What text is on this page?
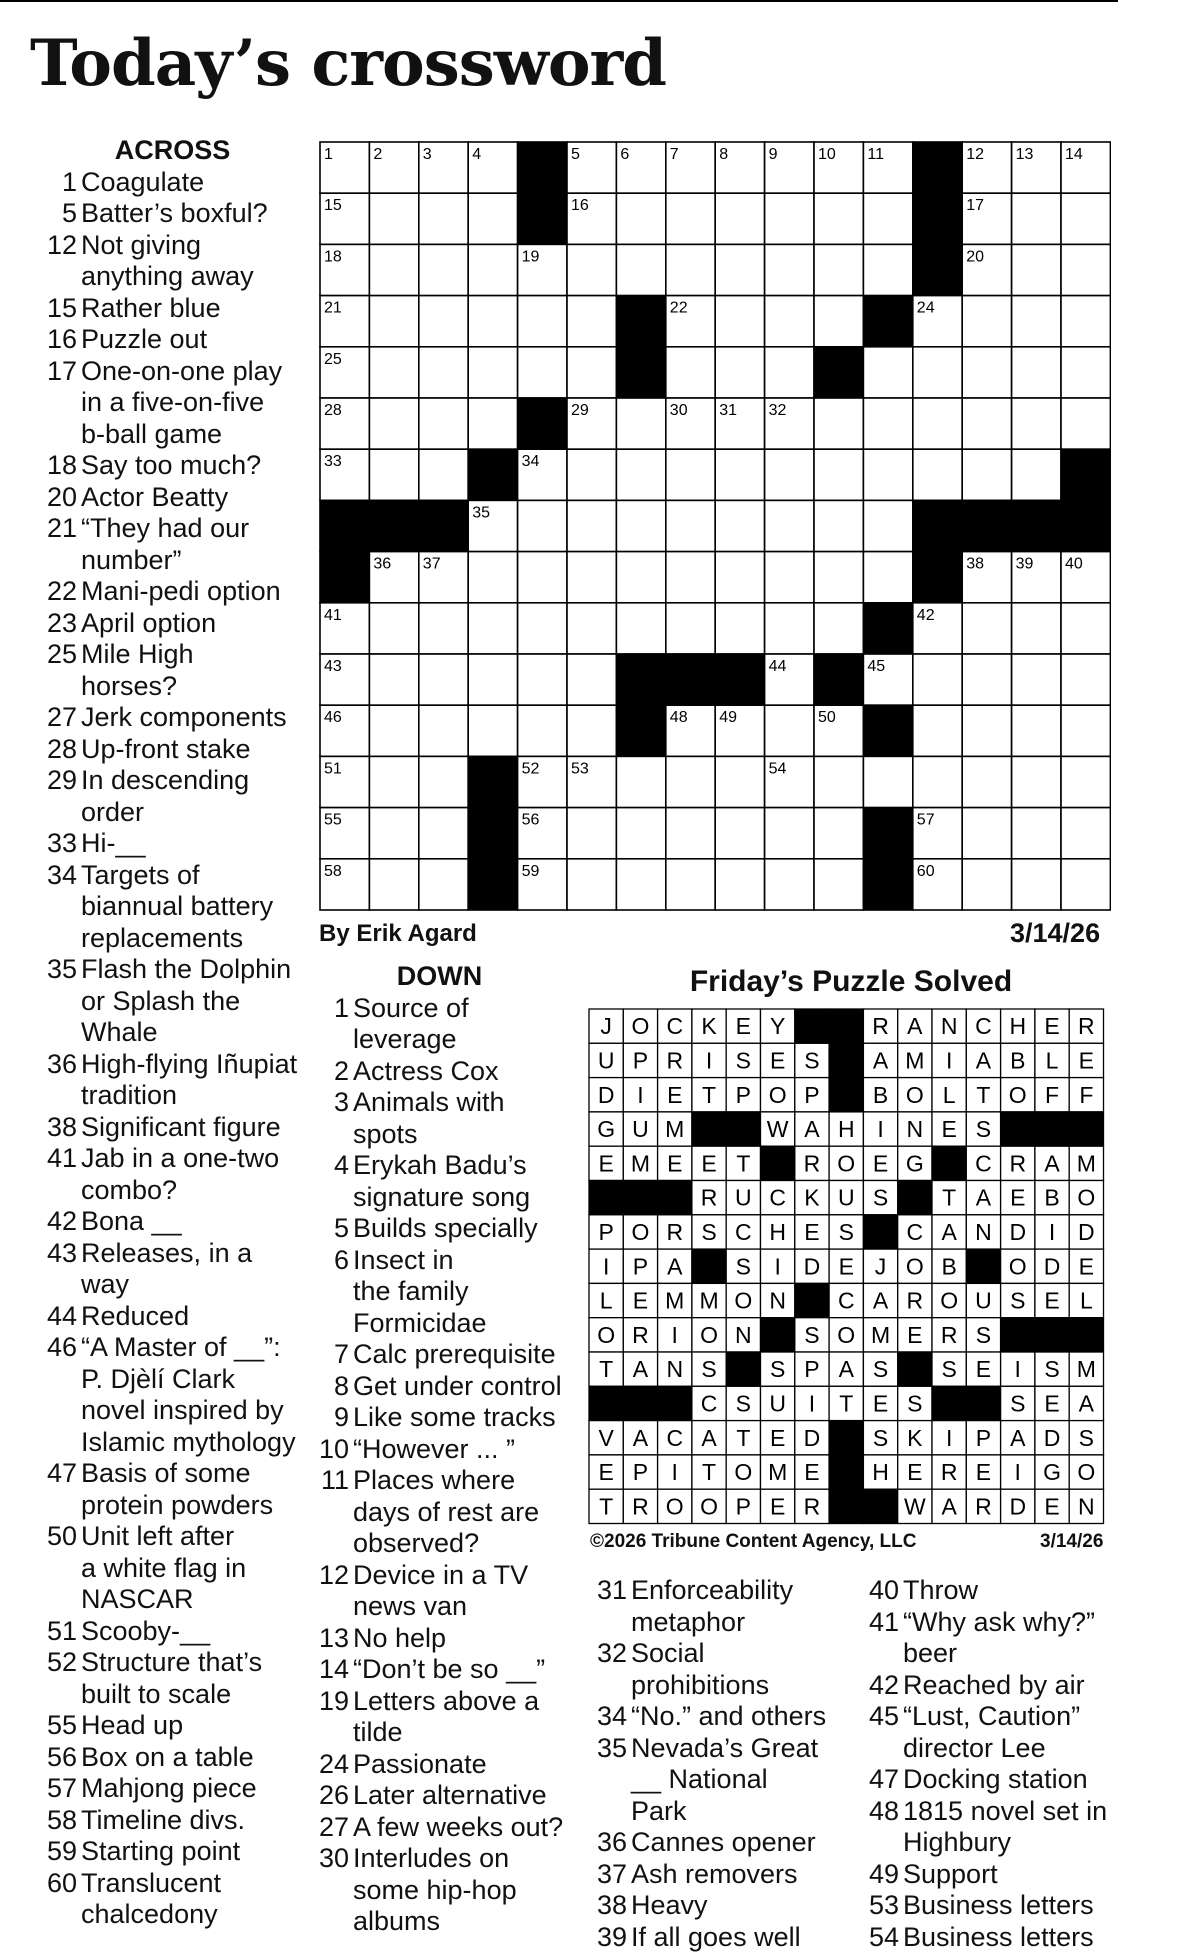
Today’s crossword
ACROSS
1 Coagulate
5 Batter’s boxful?
12 Not giving
anything away
15 Rather blue
16 Puzzle out
17 One-on-one play
in a five-on-five
b-ball game
18 Say too much?
20 Actor Beatty
21 “They had our
number”
22 Mani-pedi option
23 April option
25 Mile High
horses?
27 Jerk components
28 Up-front stake
29 In descending
order
33 Hi-__
34 Targets of
biannual battery
replacements
35 Flash the Dolphin
or Splash the
Whale
36 High-flying Iñupiat
tradition
38 Significant figure
41 Jab in a one-two
combo?
42 Bona __
43 Releases, in a
way
44 Reduced
46 “A Master of __”:
P. Djèlí Clark
novel inspired by
Islamic mythology
47 Basis of some
protein powders
50 Unit left after
a white flag in
NASCAR
51 Scooby-__
52 Structure that’s
built to scale
55 Head up
56 Box on a table
57 Mahjong piece
58 Timeline divs.
59 Starting point
60 Translucent
chalcedony
1	2	3	4	5	6	7	8	9	10 11	12 13 14
15	16	17
18	19	20
21	22	23 24
25	26	27
28	29	30 31 32
33	34
35
36 37	38 39 40
41	42
43	44	45
46	47 48 49	50
51	52 53	54
55	56	57
58	59	60
By Erik Agard	3/14/26
DOWN
1 Source of
leverage
2 Actress Cox
3 Animals with
spots
4 Erykah Badu’s
signature song
5 Builds specially
6 Insect in
the family
Formicidae
7 Calc prerequisite
8 Get under control
9 Like some tracks
10 “However ... ”
11 Places where
days of rest are
observed?
12 Device in a TV
news van
13 No help
14 “Don’t be so __”
19 Letters above a
tilde
24 Passionate
26 Later alternative
27 A few weeks out?
30 Interludes on
some hip-hop
albums
Friday’s Puzzle Solved
J O C K E Y	R A N C H E R
U P R I S E S A M I A B L E
D I E T P O P B O L T O F F
G U M	W A H I N E S
E M E E T R O E G C R A M
R U C K U S T A E B O
P O R S C H E S C A N D I D
I P A S I D E J O B O D E
L E M M O N C A R O U S E L
O R I O N S O M E R S
T A N S S P A S S E I S M
C S U I T E S	S E A
V A C A T E D S K I P A D S
E P I T O M E H E R E I G O
T R O O P E R	W A R D E N
©2026 Tribune Content Agency, LLC	3/14/26
31 Enforceability
metaphor
32 Social
prohibitions
34 “No.” and others
35 Nevada’s Great
__ National
Park
36 Cannes opener
37 Ash removers
38 Heavy
39 If all goes well
40 Throw
41 “Why ask why?”
beer
42 Reached by air
45 “Lust, Caution”
director Lee
47 Docking station
48 1815 novel set in
Highbury
49 Support
53 Business letters
54 Business letters
